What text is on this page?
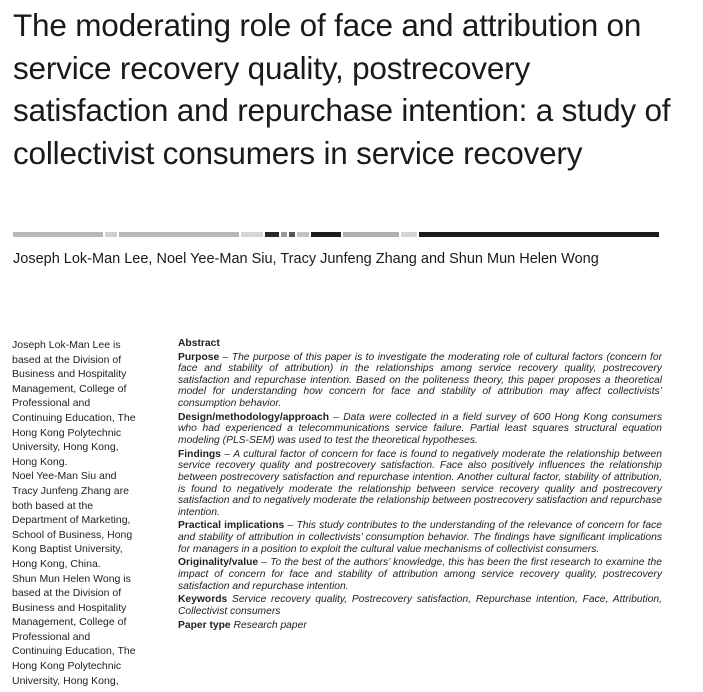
The moderating role of face and attribution on service recovery quality, postrecovery satisfaction and repurchase intention: a study of collectivist consumers in service recovery
Joseph Lok-Man Lee, Noel Yee-Man Siu, Tracy Junfeng Zhang and Shun Mun Helen Wong

Joseph Lok-Man Lee is based at the Division of Business and Hospitality Management, College of Professional and Continuing Education, The Hong Kong Polytechnic University, Hong Kong, Hong Kong.

Noel Yee-Man Siu and Tracy Junfeng Zhang are both based at the Department of Marketing, School of Business, Hong Kong Baptist University, Hong Kong, China.

Shun Mun Helen Wong is based at the Division of Business and Hospitality Management, College of Professional and Continuing Education, The Hong Kong Polytechnic University, Hong Kong,

Abstract

Purpose – The purpose of this paper is to investigate the moderating role of cultural factors (concern for face and stability of attribution) in the relationships among service recovery quality, postrecovery satisfaction and repurchase intention. Based on the politeness theory, this paper proposes a theoretical model for understanding how concern for face and stability of attribution may affect collectivists’ consumption behavior.

Design/methodology/approach – Data were collected in a field survey of 600 Hong Kong consumers who had experienced a telecommunications service failure. Partial least squares structural equation modeling (PLS-SEM) was used to test the theoretical hypotheses.

Findings – A cultural factor of concern for face is found to negatively moderate the relationship between service recovery quality and postrecovery satisfaction. Face also positively influences the relationship between postrecovery satisfaction and repurchase intention. Another cultural factor, stability of attribution, is found to negatively moderate the relationship between service recovery quality and postrecovery satisfaction and to negatively moderate the relationship between postrecovery satisfaction and repurchase intention.

Practical implications – This study contributes to the understanding of the relevance of concern for face and stability of attribution in collectivists’ consumption behavior. The findings have significant implications for managers in a position to exploit the cultural value mechanisms of collectivist consumers.

Originality/value – To the best of the authors’ knowledge, this has been the first research to examine the impact of concern for face and stability of attribution among service recovery quality, postrecovery satisfaction and repurchase intention.

Keywords Service recovery quality, Postrecovery satisfaction, Repurchase intention, Face, Attribution, Collectivist consumers

Paper type Research paper
